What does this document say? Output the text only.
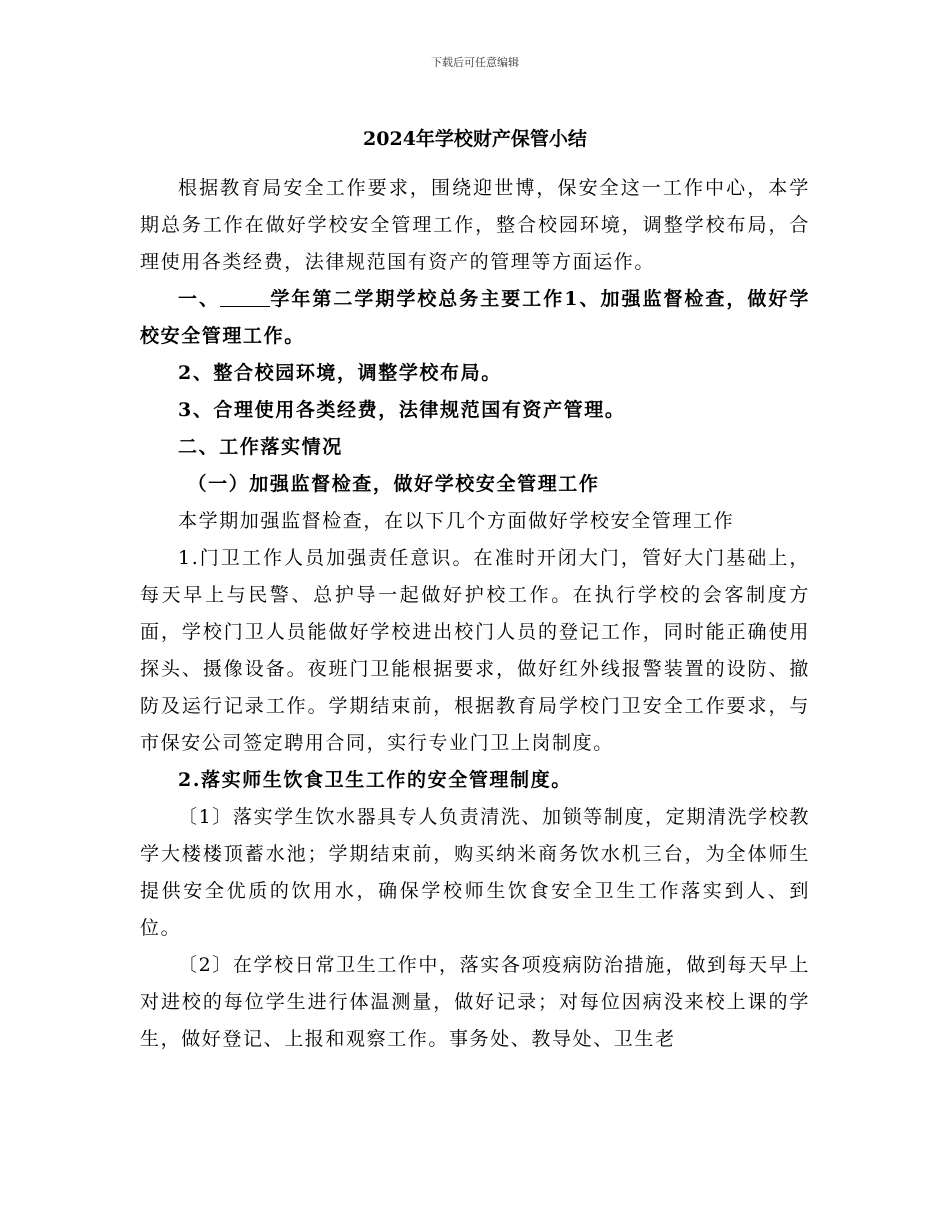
下载后可任意编辑
2024年学校财产保管小结

根据教育局安全工作要求，围绕迎世博，保安全这一工作中心，本学期总务工作在做好学校安全管理工作，整合校园环境，调整学校布局，合理使用各类经费，法律规范国有资产的管理等方面运作。

一、	学年第二学期学校总务主要工作1、加强监督检查，做好学校安全管理工作。

2、整合校园环境，调整学校布局。

3、合理使用各类经费，法律规范国有资产管理。

二、工作落实情况

（一）加强监督检查，做好学校安全管理工作

本学期加强监督检查，在以下几个方面做好学校安全管理工作

1.门卫工作人员加强责任意识。在准时开闭大门，管好大门基础上，每天早上与民警、总护导一起做好护校工作。在执行学校的会客制度方面，学校门卫人员能做好学校进出校门人员的登记工作，同时能正确使用探头、摄像设备。夜班门卫能根据要求，做好红外线报警装置的设防、撤防及运行记录工作。学期结束前，根据教育局学校门卫安全工作要求，与市保安公司签定聘用合同，实行专业门卫上岗制度。

2.落实师生饮食卫生工作的安全管理制度。

〔1〕落实学生饮水器具专人负责清洗、加锁等制度，定期清洗学校教学大楼楼顶蓄水池；学期结束前，购买纳米商务饮水机三台，为全体师生提供安全优质的饮用水，确保学校师生饮食安全卫生工作落实到人、到位。

〔2〕在学校日常卫生工作中，落实各项疫病防治措施，做到每天早上对进校的每位学生进行体温测量，做好记录；对每位因病没来校上课的学生，做好登记、上报和观察工作。事务处、教导处、卫生老
